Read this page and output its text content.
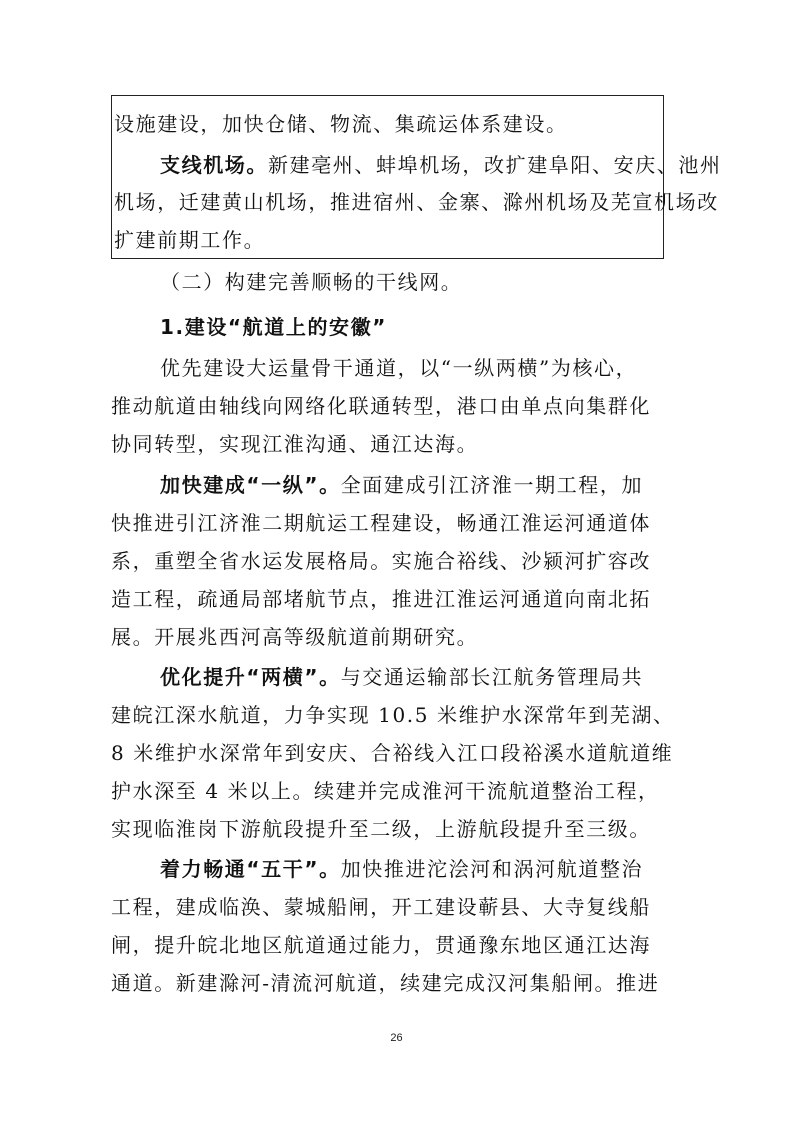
设施建设，加快仓储、物流、集疏运体系建设。
支线机场。新建亳州、蚌埠机场，改扩建阜阳、安庆、池州
机场，迁建黄山机场，推进宿州、金寨、滁州机场及芜宣机场改
扩建前期工作。
（二）构建完善顺畅的干线网。
1.建设“航道上的安徽”
优先建设大运量骨干通道，以“一纵两横”为核心，
推动航道由轴线向网络化联通转型，港口由单点向集群化
协同转型，实现江淮沟通、通江达海。
加快建成“一纵”。全面建成引江济淮一期工程，加
快推进引江济淮二期航运工程建设，畅通江淮运河通道体
系，重塑全省水运发展格局。实施合裕线、沙颍河扩容改
造工程，疏通局部堵航节点，推进江淮运河通道向南北拓
展。开展兆西河高等级航道前期研究。
优化提升“两横”。与交通运输部长江航务管理局共
建皖江深水航道，力争实现 10.5 米维护水深常年到芜湖、
8 米维护水深常年到安庆、合裕线入江口段裕溪水道航道维
护水深至 4 米以上。续建并完成淮河干流航道整治工程，
实现临淮岗下游航段提升至二级，上游航段提升至三级。
着力畅通“五干”。加快推进沱浍河和涡河航道整治
工程，建成临涣、蒙城船闸，开工建设蕲县、大寺复线船
闸，提升皖北地区航道通过能力，贯通豫东地区通江达海
通道。新建滁河-清流河航道，续建完成汉河集船闸。推进
26
